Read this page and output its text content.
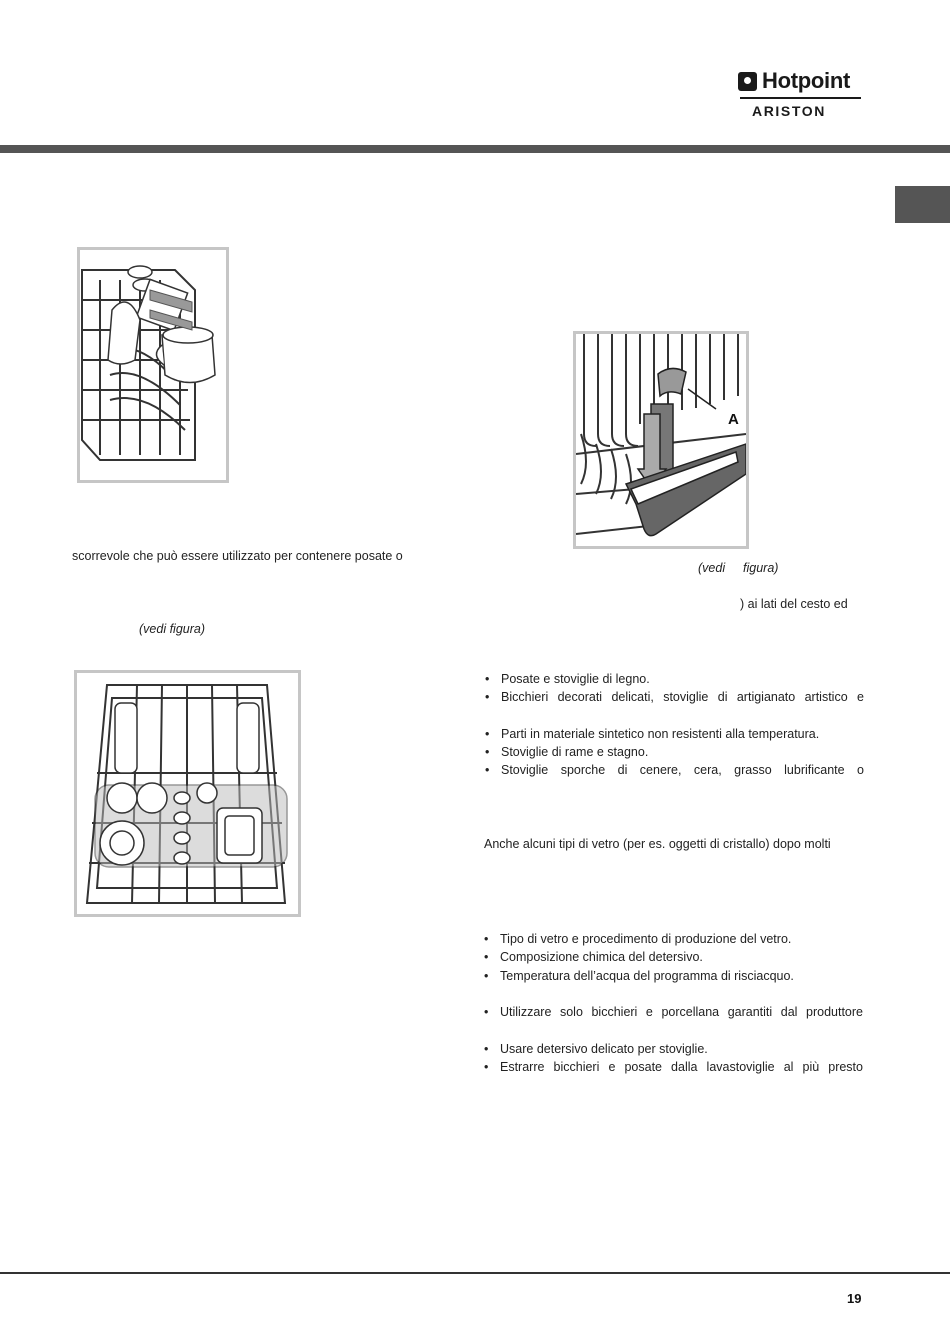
Hotpoint
ARISTON
A
scorrevole che può essere utilizzato per contenere posate o
(vedi figura)
(vedi figura)
) ai lati del cesto ed
• Posate e stoviglie di legno.
• Bicchieri decorati delicati, stoviglie di artigianato artistico e
• Parti in materiale sintetico non resistenti alla temperatura.
• Stoviglie di rame e stagno.
• Stoviglie sporche di cenere, cera, grasso lubrificante o
Anche alcuni tipi di vetro (per es. oggetti di cristallo) dopo molti
• Tipo di vetro e procedimento di produzione del vetro.
• Composizione chimica del detersivo.
• Temperatura dell’acqua del programma di risciacquo.
• Utilizzare solo bicchieri e porcellana garantiti dal produttore
• Usare detersivo delicato per stoviglie.
• Estrarre bicchieri e posate dalla lavastoviglie al più presto
19
